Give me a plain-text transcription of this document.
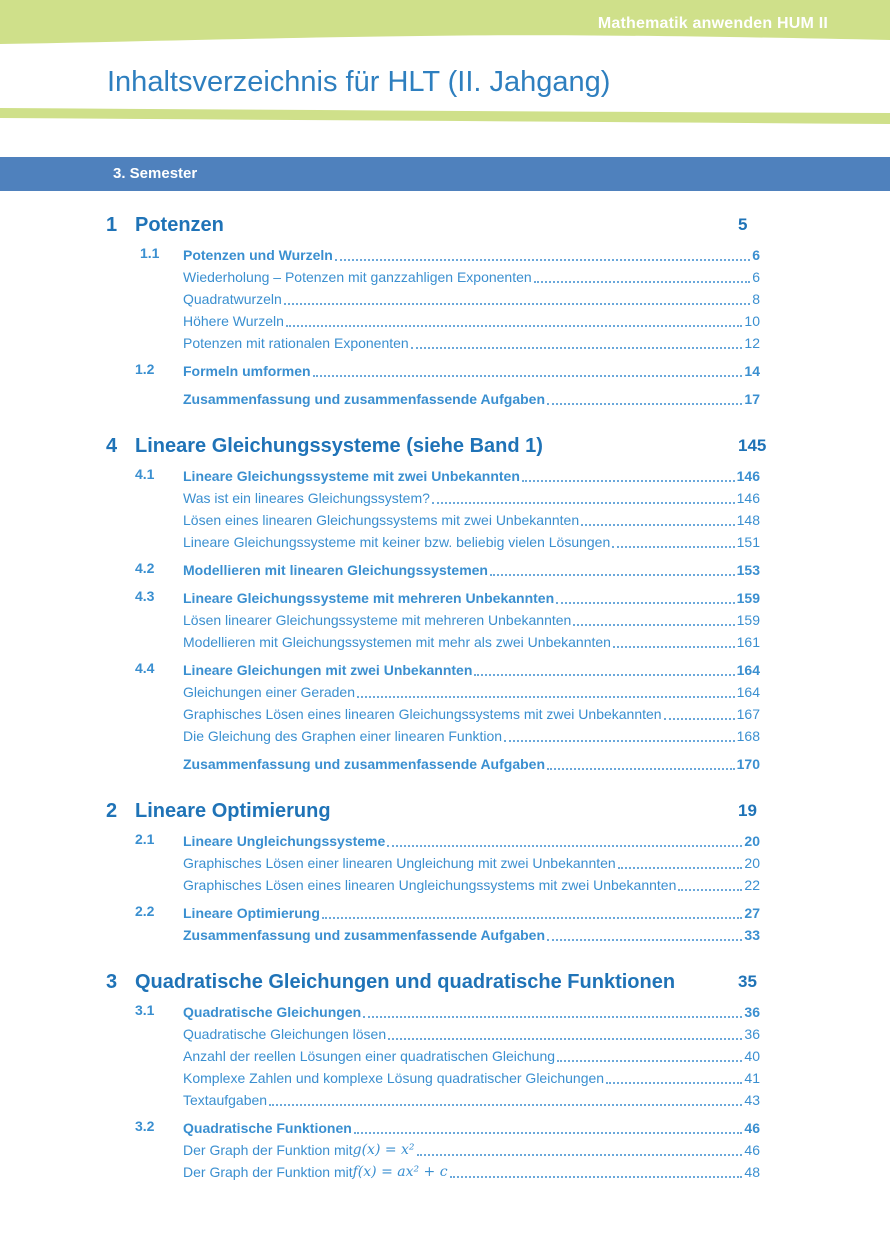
Mathematik anwenden HUM II
Inhaltsverzeichnis für HLT (II. Jahgang)
3. Semester
1 Potenzen	5
1.1 Potenzen und Wurzeln	6
Wiederholung – Potenzen mit ganzzahligen Exponenten	6
Quadratwurzeln	8
Höhere Wurzeln	10
Potenzen mit rationalen Exponenten	12
1.2 Formeln umformen	14
Zusammenfassung und zusammenfassende Aufgaben	17
4 Lineare Gleichungssysteme (siehe Band 1)	145
4.1 Lineare Gleichungssysteme mit zwei Unbekannten	146
Was ist ein lineares Gleichungssystem?	146
Lösen eines linearen Gleichungssystems mit zwei Unbekannten	148
Lineare Gleichungssysteme mit keiner bzw. beliebig vielen Lösungen	151
4.2 Modellieren mit linearen Gleichungssystemen	153
4.3 Lineare Gleichungssysteme mit mehreren Unbekannten	159
Lösen linearer Gleichungssysteme mit mehreren Unbekannten	159
Modellieren mit Gleichungssystemen mit mehr als zwei Unbekannten	161
4.4 Lineare Gleichungen mit zwei Unbekannten	164
Gleichungen einer Geraden	164
Graphisches Lösen eines linearen Gleichungssystems mit zwei Unbekannten	167
Die Gleichung des Graphen einer linearen Funktion	168
Zusammenfassung und zusammenfassende Aufgaben	170
2 Lineare Optimierung	19
2.1 Lineare Ungleichungssysteme	20
Graphisches Lösen einer linearen Ungleichung mit zwei Unbekannten	20
Graphisches Lösen eines linearen Ungleichungssystems mit zwei Unbekannten	22
2.2 Lineare Optimierung	27
Zusammenfassung und zusammenfassende Aufgaben	33
3 Quadratische Gleichungen und quadratische Funktionen	35
3.1 Quadratische Gleichungen	36
Quadratische Gleichungen lösen	36
Anzahl der reellen Lösungen einer quadratischen Gleichung	40
Komplexe Zahlen und komplexe Lösung quadratischer Gleichungen	41
Textaufgaben	43
3.2 Quadratische Funktionen	46
Der Graph der Funktion mit g(x) = x²	46
Der Graph der Funktion mit f(x) = ax² + c	48
